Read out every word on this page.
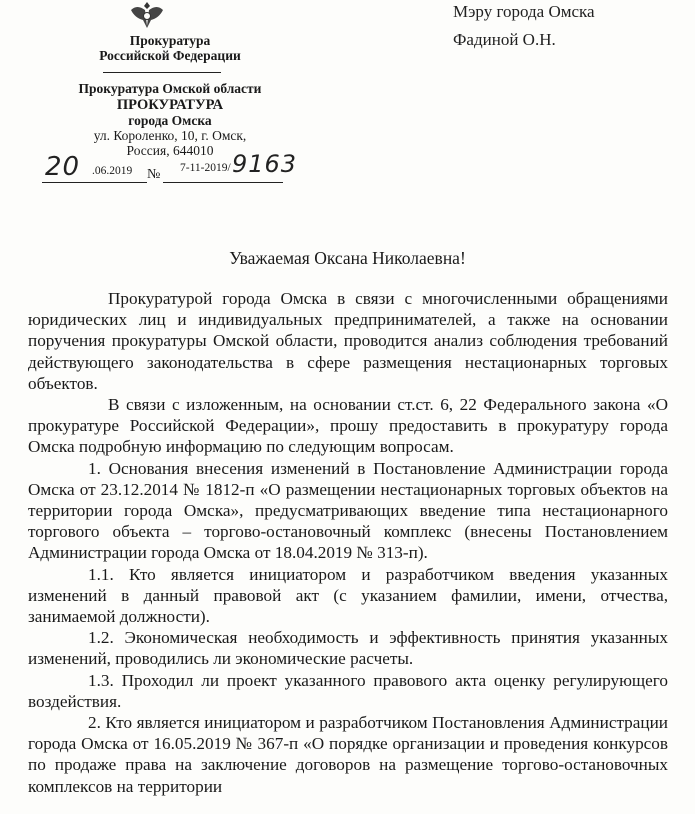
Прокуратура
Российской Федерации
Прокуратура Омской области
ПРОКУРАТУРА
города Омска
ул. Короленко, 10, г. Омск,
Россия, 644010
20 .06.2019 № 7-11-2019/ 9163
Мэру города Омска
Фадиной О.Н.
Уважаемая Оксана Николаевна!

Прокуратурой города Омска в связи с многочисленными обращениями юридических лиц и индивидуальных предпринимателей, а также на основании поручения прокуратуры Омской области, проводится анализ соблюдения требований действующего законодательства в сфере размещения нестационарных торговых объектов.

В связи с изложенным, на основании ст.ст. 6, 22 Федерального закона «О прокуратуре Российской Федерации», прошу предоставить в прокуратуру города Омска подробную информацию по следующим вопросам.

1. Основания внесения изменений в Постановление Администрации города Омска от 23.12.2014 № 1812-п «О размещении нестационарных торговых объектов на территории города Омска», предусматривающих введение типа нестационарного торгового объекта – торгово-остановочный комплекс (внесены Постановлением Администрации города Омска от 18.04.2019 № 313-п).

1.1. Кто является инициатором и разработчиком введения указанных изменений в данный правовой акт (с указанием фамилии, имени, отчества, занимаемой должности).

1.2. Экономическая необходимость и эффективность принятия указанных изменений, проводились ли экономические расчеты.

1.3. Проходил ли проект указанного правового акта оценку регулирующего воздействия.

2. Кто является инициатором и разработчиком Постановления Администрации города Омска от 16.05.2019 № 367-п «О порядке организации и проведения конкурсов по продаже права на заключение договоров на размещение торгово-остановочных комплексов на территории
